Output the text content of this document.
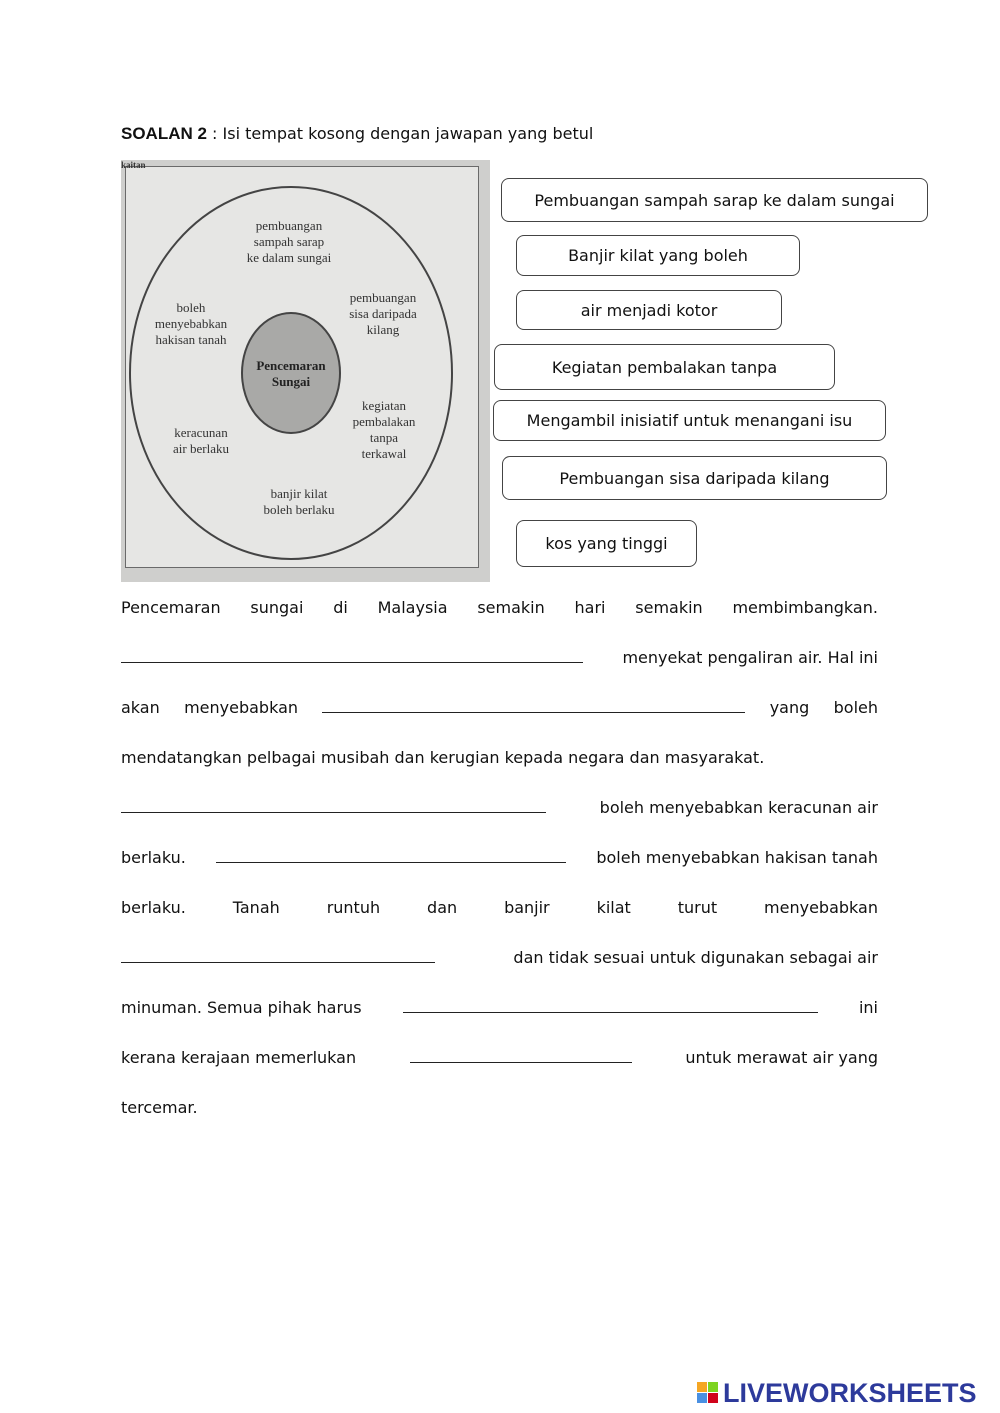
SOALAN 2 : Isi tempat kosong dengan jawapan yang betul
kaitan
pembuangan
sampah sarap
ke dalam sungai
boleh
menyebabkan
hakisan tanah
pembuangan
sisa daripada
kilang
Pencemaran
Sungai
keracunan
air berlaku
kegiatan
pembalakan
tanpa
terkawal
banjir kilat
boleh berlaku
Pembuangan sampah sarap ke dalam sungai
Banjir kilat yang boleh
air menjadi kotor
Kegiatan pembalakan tanpa
Mengambil inisiatif untuk menangani isu
Pembuangan sisa daripada kilang
kos yang tinggi
Pencemaran sungai di Malaysia semakin hari semakin membimbangkan.
menyekat pengaliran air. Hal ini
akan menyebabkan	yang boleh
mendatangkan pelbagai musibah dan kerugian kepada negara dan masyarakat.
boleh menyebabkan keracunan air
berlaku.	boleh menyebabkan hakisan tanah
berlaku.	Tanah	runtuh	dan	banjir	kilat	turut	menyebabkan
dan tidak sesuai untuk digunakan sebagai air
minuman. Semua pihak harus	ini
kerana kerajaan memerlukan	untuk merawat air yang
tercemar.
LIVEWORKSHEETS
